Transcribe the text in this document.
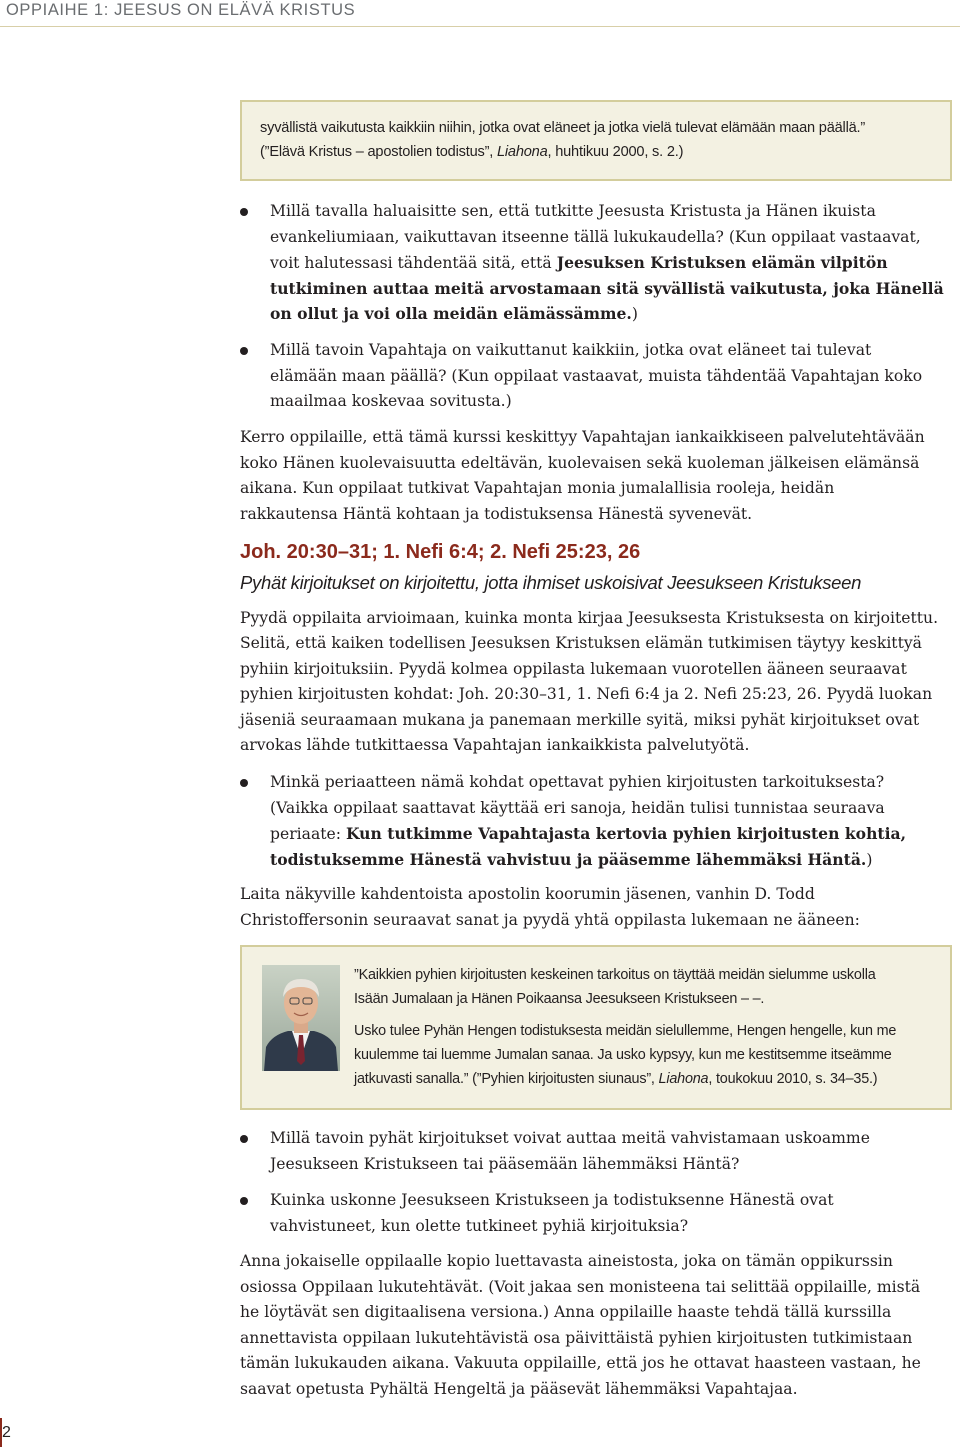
OPPIAIHE 1: JEESUS ON ELÄVÄ KRISTUS

syvällistä vaikutusta kaikkiin niihin, jotka ovat eläneet ja jotka vielä tulevat elämään maan päällä.”

(”Elävä Kristus – apostolien todistus”, Liahona, huhtikuu 2000, s. 2.)

Millä tavalla haluaisitte sen, että tutkitte Jeesusta Kristusta ja Hänen ikuista

evankeliumiaan, vaikuttavan itseenne tällä lukukaudella? (Kun oppilaat vastaavat,

voit halutessasi tähdentää sitä, että Jeesuksen Kristuksen elämän vilpitön

tutkiminen auttaa meitä arvostamaan sitä syvällistä vaikutusta, joka Hänellä

on ollut ja voi olla meidän elämässämme.)

Millä tavoin Vapahtaja on vaikuttanut kaikkiin, jotka ovat eläneet tai tulevat

elämään maan päällä? (Kun oppilaat vastaavat, muista tähdentää Vapahtajan koko

maailmaa koskevaa sovitusta.)

Kerro oppilaille, että tämä kurssi keskittyy Vapahtajan iankaikkiseen palvelutehtävään

koko Hänen kuolevaisuutta edeltävän, kuolevaisen sekä kuoleman jälkeisen elämänsä

aikana. Kun oppilaat tutkivat Vapahtajan monia jumalallisia rooleja, heidän

rakkautensa Häntä kohtaan ja todistuksensa Hänestä syvenevät.

Joh. 20:30–31; 1. Nefi 6:4; 2. Nefi 25:23, 26

Pyhät kirjoitukset on kirjoitettu, jotta ihmiset uskoisivat Jeesukseen Kristukseen

Pyydä oppilaita arvioimaan, kuinka monta kirjaa Jeesuksesta Kristuksesta on kirjoitettu.

Selitä, että kaiken todellisen Jeesuksen Kristuksen elämän tutkimisen täytyy keskittyä

pyhiin kirjoituksiin. Pyydä kolmea oppilasta lukemaan vuorotellen ääneen seuraavat

pyhien kirjoitusten kohdat: Joh. 20:30–31, 1. Nefi 6:4 ja 2. Nefi 25:23, 26. Pyydä luokan

jäseniä seuraamaan mukana ja panemaan merkille syitä, miksi pyhät kirjoitukset ovat

arvokas lähde tutkittaessa Vapahtajan iankaikkista palvelutyötä.

Minkä periaatteen nämä kohdat opettavat pyhien kirjoitusten tarkoituksesta?

(Vaikka oppilaat saattavat käyttää eri sanoja, heidän tulisi tunnistaa seuraava

periaate: Kun tutkimme Vapahtajasta kertovia pyhien kirjoitusten kohtia,

todistuksemme Hänestä vahvistuu ja pääsemme lähemmäksi Häntä.)

Laita näkyville kahdentoista apostolin koorumin jäsenen, vanhin D. Todd

Christoffersonin seuraavat sanat ja pyydä yhtä oppilasta lukemaan ne ääneen:

”Kaikkien pyhien kirjoitusten keskeinen tarkoitus on täyttää meidän sielumme uskolla

Isään Jumalaan ja Hänen Poikaansa Jeesukseen Kristukseen – –.

Usko tulee Pyhän Hengen todistuksesta meidän sielullemme, Hengen hengelle, kun me

kuulemme tai luemme Jumalan sanaa. Ja usko kypsyy, kun me kestitsemme itseämme

jatkuvasti sanalla.” (”Pyhien kirjoitusten siunaus”, Liahona, toukokuu 2010, s. 34–35.)

Millä tavoin pyhät kirjoitukset voivat auttaa meitä vahvistamaan uskoamme

Jeesukseen Kristukseen tai pääsemään lähemmäksi Häntä?

Kuinka uskonne Jeesukseen Kristukseen ja todistuksenne Hänestä ovat

vahvistuneet, kun olette tutkineet pyhiä kirjoituksia?

Anna jokaiselle oppilaalle kopio luettavasta aineistosta, joka on tämän oppikurssin

osiossa Oppilaan lukutehtävät. (Voit jakaa sen monisteena tai selittää oppilaille, mistä

he löytävät sen digitaalisena versiona.) Anna oppilaille haaste tehdä tällä kurssilla

annettavista oppilaan lukutehtävistä osa päivittäistä pyhien kirjoitusten tutkimistaan

tämän lukukauden aikana. Vakuuta oppilaille, että jos he ottavat haasteen vastaan, he

saavat opetusta Pyhältä Hengeltä ja pääsevät lähemmäksi Vapahtajaa.

2
